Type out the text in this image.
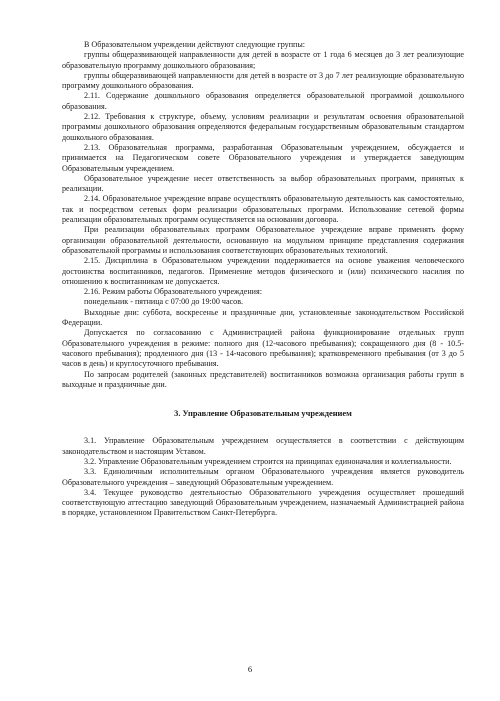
В Образовательном учреждении действуют следующие группы:

группы общеразвивающей направленности для детей в возрасте от 1 года 6 месяцев до 3 лет реализующие образовательную программу дошкольного образования;

группы общеразвивающей направленности для детей в возрасте от 3 до 7 лет реализующие образовательную программу дошкольного образования.

2.11. Содержание дошкольного образования определяется образовательной программой дошкольного образования.

2.12. Требования к структуре, объему, условиям реализации и результатам освоения образовательной программы дошкольного образования определяются федеральным государственным образовательным стандартом дошкольного образования.

2.13. Образовательная программа, разработанная Образовательным учреждением, обсуждается и принимается на Педагогическом совете Образовательного учреждения и утверждается заведующим Образовательным учреждением.

Образовательное учреждение несет ответственность за выбор образовательных программ, принятых к реализации.

2.14. Образовательное учреждение вправе осуществлять образовательную деятельность как самостоятельно, так и посредством сетевых форм реализации образовательных программ. Использование сетевой формы реализации образовательных программ осуществляется на основании договора.

При реализации образовательных программ Образовательное учреждение вправе применять форму организации образовательной деятельности, основанную на модульном принципе представления содержания образовательной программы и использования соответствующих образовательных технологий.

2.15. Дисциплина в Образовательном учреждении поддерживается на основе уважения человеческого достоинства воспитанников, педагогов. Применение методов физического и (или) психического насилия по отношению к воспитанникам не допускается.

2.16. Режим работы Образовательного учреждения:

понедельник - пятница с 07:00 до 19:00 часов.

Выходные дни: суббота, воскресенье и праздничные дни, установленные законодательством Российской Федерации.

Допускается по согласованию с Администрацией района функционирование отдельных групп Образовательного учреждения в режиме: полного дня (12-часового пребывания); сокращенного дня (8 - 10.5-часового пребывания); продленного дня (13 - 14-часового пребывания); кратковременного пребывания (от 3 до 5 часов в день) и круглосуточного пребывания.

По запросам родителей (законных представителей) воспитанников возможна организация работы групп в выходные и праздничные дни.

3. Управление Образовательным учреждением

3.1. Управление Образовательным учреждением осуществляется в соответствии с действующим законодательством и настоящим Уставом.

3.2. Управление Образовательным учреждением строится на принципах единоначалия и коллегиальности.

3.3. Единоличным исполнительным органом Образовательного учреждения является руководитель Образовательного учреждения – заведующий Образовательным учреждением.

3.4. Текущее руководство деятельностью Образовательного учреждения осуществляет прошедший соответствующую аттестацию заведующий Образовательным учреждением, назначаемый Администрацией района в порядке, установленном Правительством Санкт-Петербурга.

6
